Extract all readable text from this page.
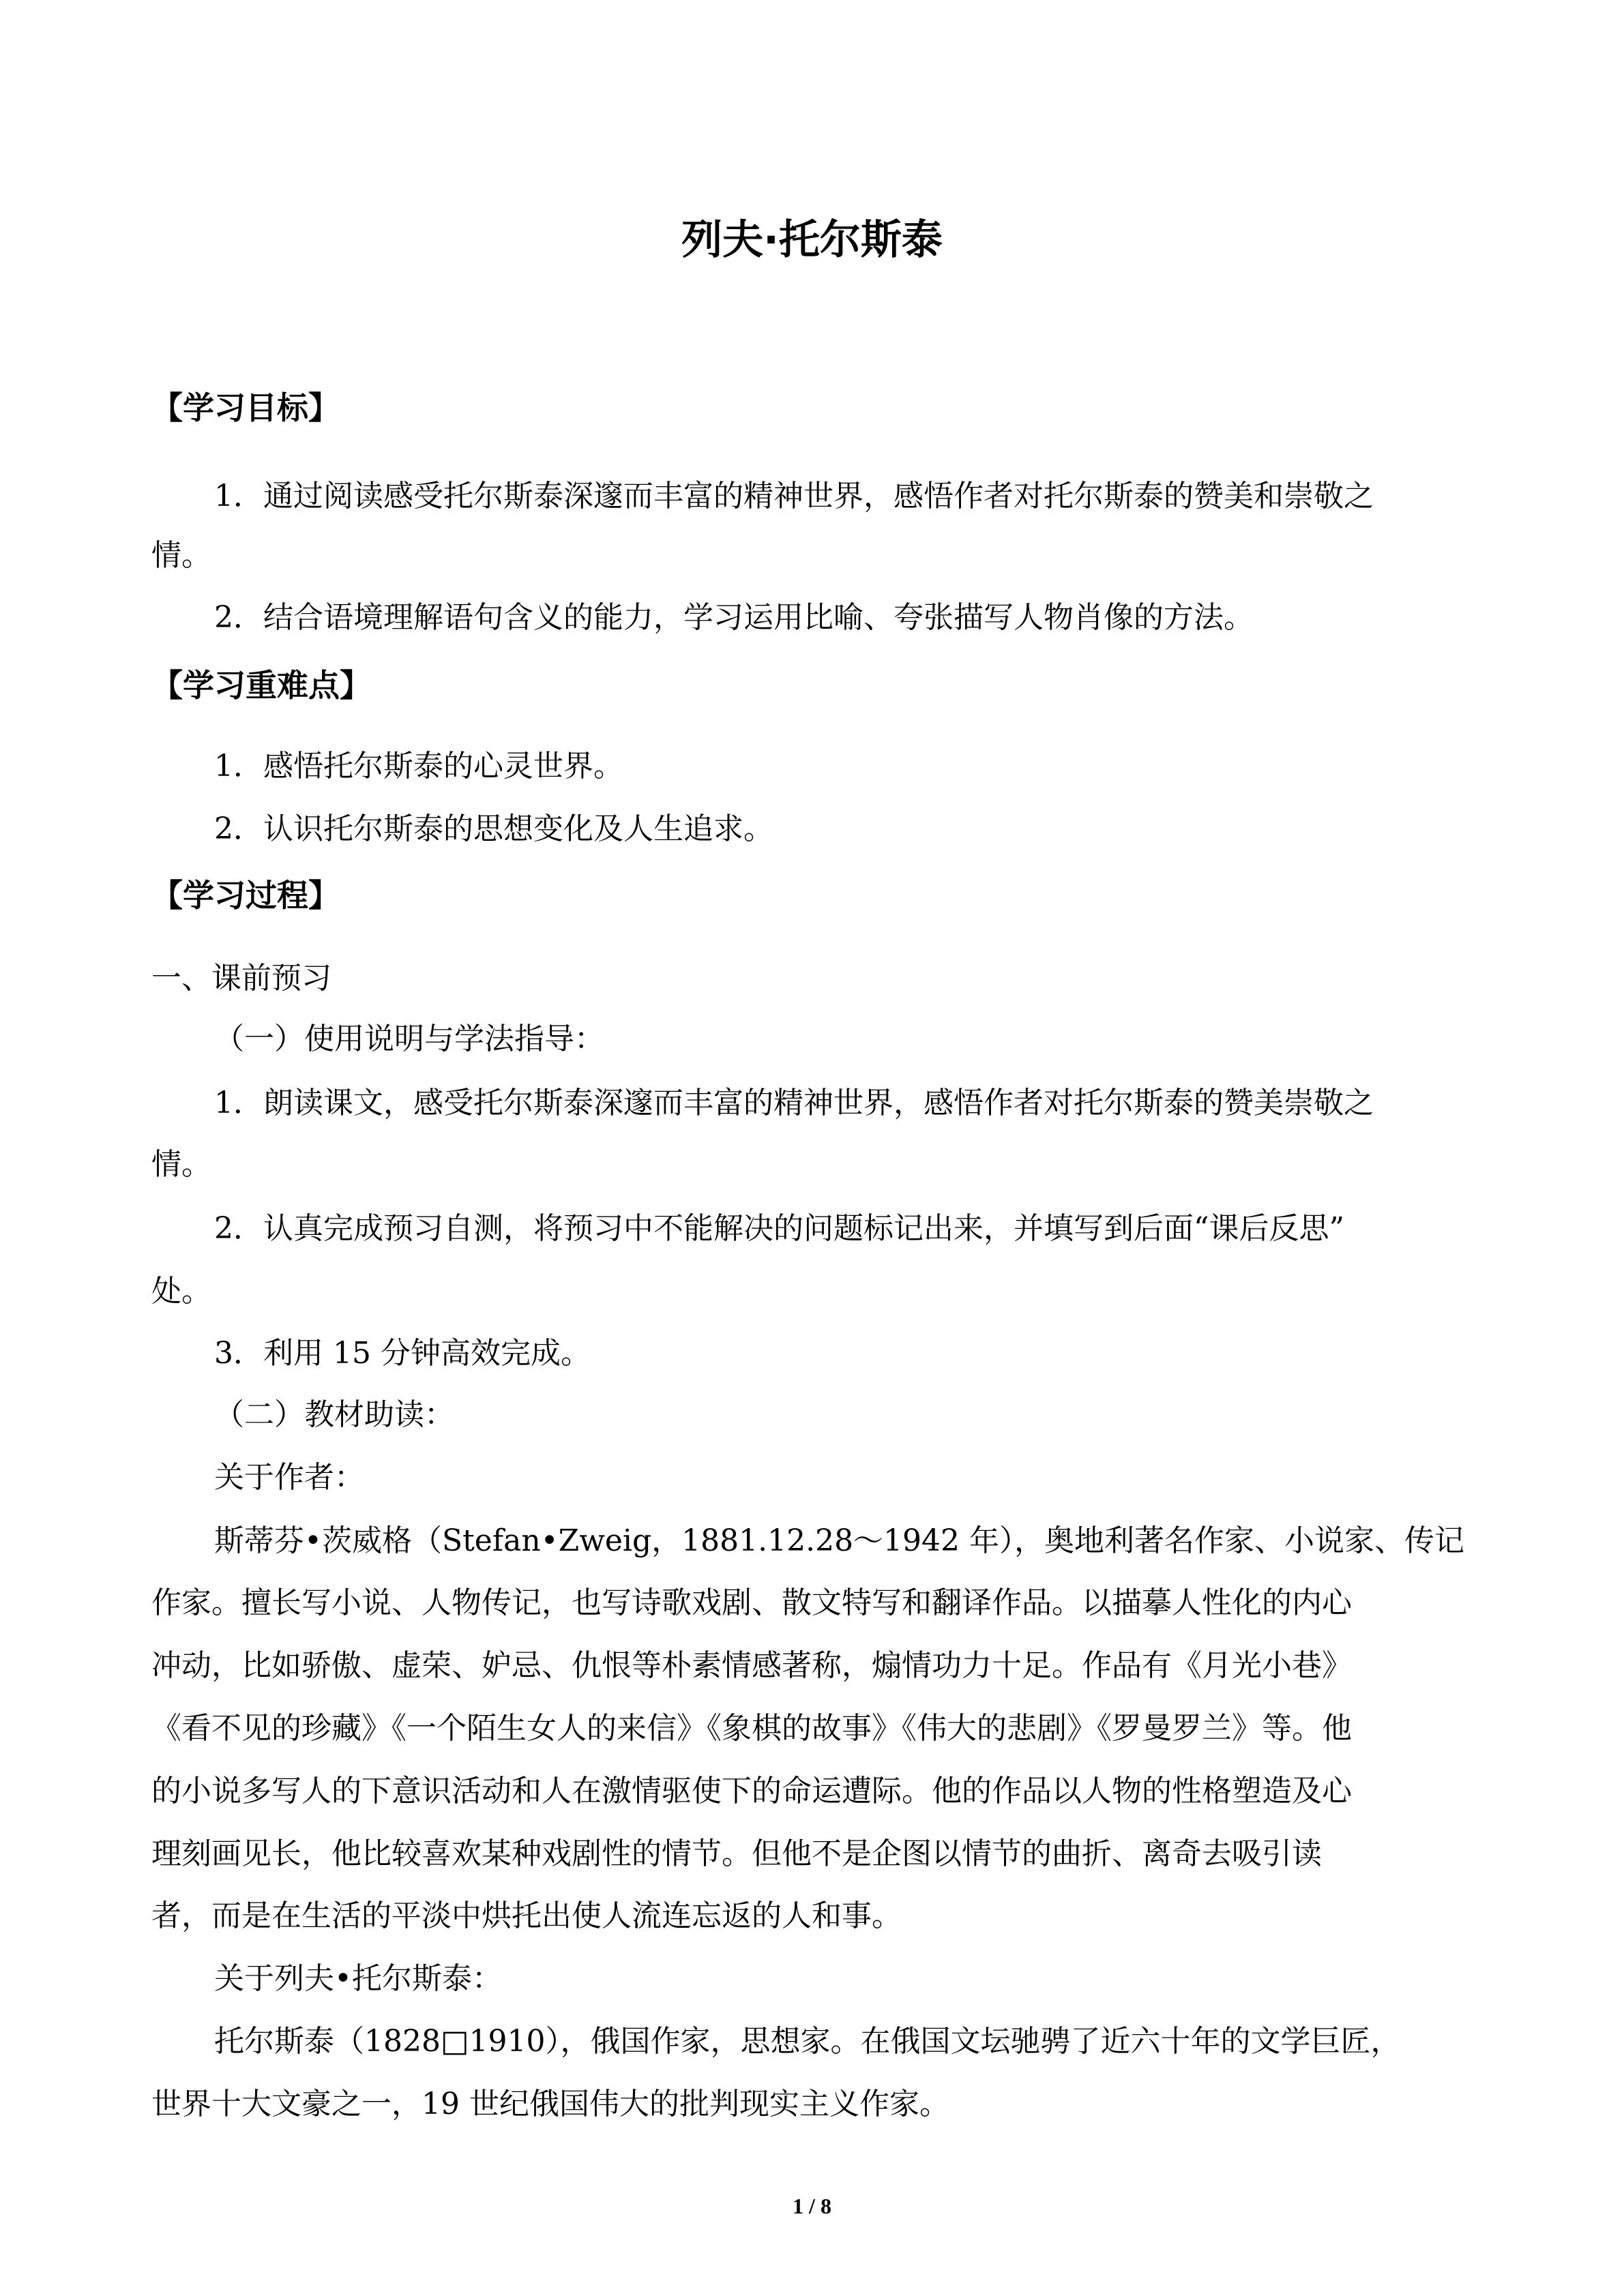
列夫·托尔斯泰
【学习目标】
1．通过阅读感受托尔斯泰深邃而丰富的精神世界，感悟作者对托尔斯泰的赞美和崇敬之
情。
2．结合语境理解语句含义的能力，学习运用比喻、夸张描写人物肖像的方法。
【学习重难点】
1．感悟托尔斯泰的心灵世界。
2．认识托尔斯泰的思想变化及人生追求。
【学习过程】
一、课前预习
（一）使用说明与学法指导：
1．朗读课文，感受托尔斯泰深邃而丰富的精神世界，感悟作者对托尔斯泰的赞美崇敬之
情。
2．认真完成预习自测，将预习中不能解决的问题标记出来，并填写到后面“课后反思”
处。
3．利用 15 分钟高效完成。
（二）教材助读：
关于作者：
斯蒂芬•茨威格（Stefan•Zweig，1881.12.28～1942 年），奥地利著名作家、小说家、传记
作家。擅长写小说、人物传记，也写诗歌戏剧、散文特写和翻译作品。以描摹人性化的内心
冲动，比如骄傲、虚荣、妒忌、仇恨等朴素情感著称，煽情功力十足。作品有《月光小巷》
《看不见的珍藏》《一个陌生女人的来信》《象棋的故事》《伟大的悲剧》《罗曼罗兰》等。他
的小说多写人的下意识活动和人在激情驱使下的命运遭际。他的作品以人物的性格塑造及心
理刻画见长，他比较喜欢某种戏剧性的情节。但他不是企图以情节的曲折、离奇去吸引读
者，而是在生活的平淡中烘托出使人流连忘返的人和事。
关于列夫•托尔斯泰：
托尔斯泰（1828□1910），俄国作家，思想家。在俄国文坛驰骋了近六十年的文学巨匠，
世界十大文豪之一，19 世纪俄国伟大的批判现实主义作家。
1 / 8
